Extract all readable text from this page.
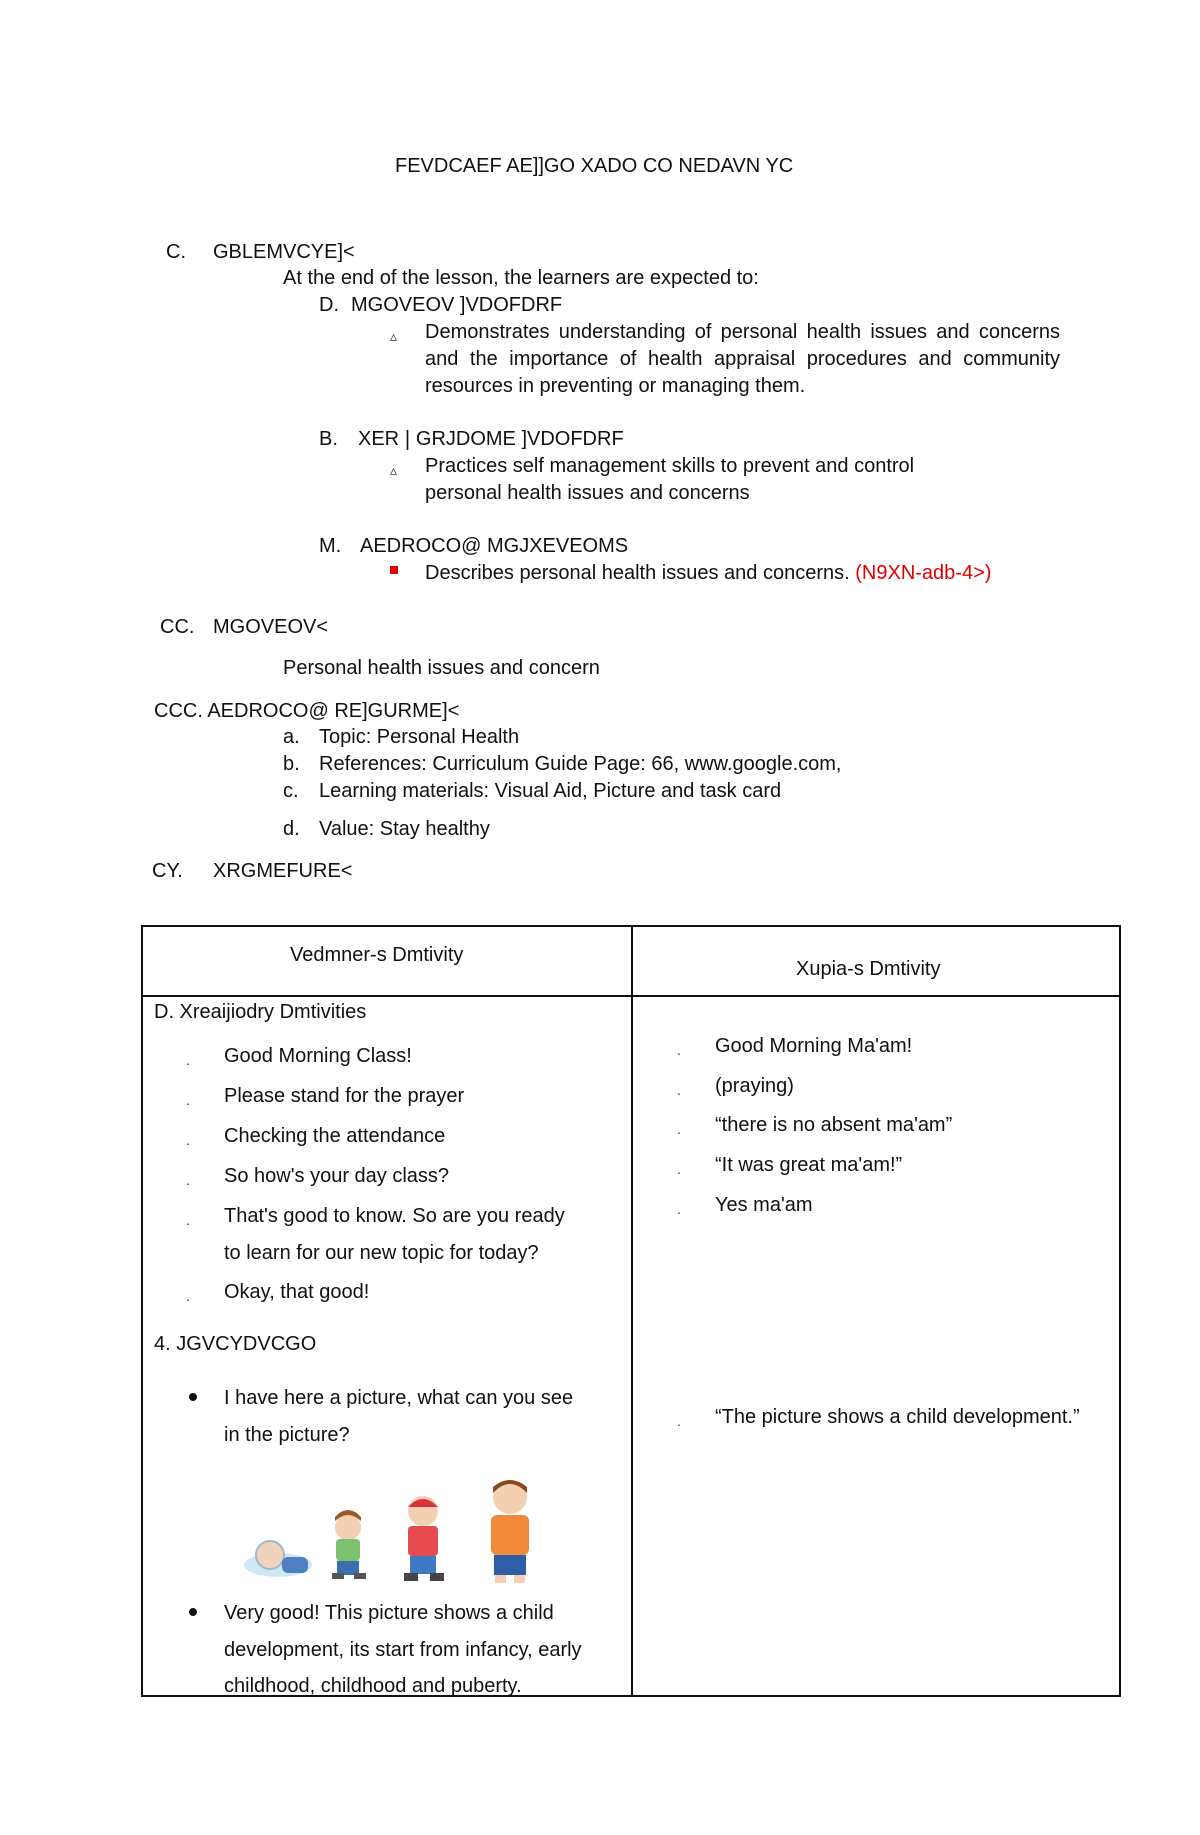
FEVDCAEF AE]]GO XADO CO NEDAVN YC
C. GBLEMVCYE]<
At the end of the lesson, the learners are expected to:
D. MGOVEOV ]VDOFDRF
▵ Demonstrates understanding of personal health issues and concerns and the importance of health appraisal procedures and community resources in preventing or managing them.
B. XER❘GRJDOME ]VDOFDRF
▵ Practices self management skills to prevent and control personal health issues and concerns
M. AEDROCO@ MGJXEVEOMS
Describes personal health issues and concerns. (N9XN-adb-4>)
CC. MGOVEOV<
Personal health issues and concern
CCC. AEDROCO@ RE]GURME]<
a. Topic: Personal Health
b. References: Curriculum Guide Page: 66, www.google.com,
c. Learning materials: Visual Aid, Picture and task card
d. Value: Stay healthy
CY. XRGMEFURE<
Vedmner-s Dmtivity
Xupia-s Dmtivity
D. Xreaijiodry Dmtivities
. Good Morning Class!
. Please stand for the prayer
. Checking the attendance
. So how's your day class?
. That's good to know. So are you ready
to learn for our new topic for today?
. Okay, that good!
. Good Morning Ma'am!
. (praying)
. “there is no absent ma'am”
. “It was great ma'am!”
. Yes ma'am
4. JGVCYDVCGO
I have here a picture, what can you see
in the picture?
. “The picture shows a child development.”
Very good! This picture shows a child
development, its start from infancy, early
childhood, childhood and puberty.
